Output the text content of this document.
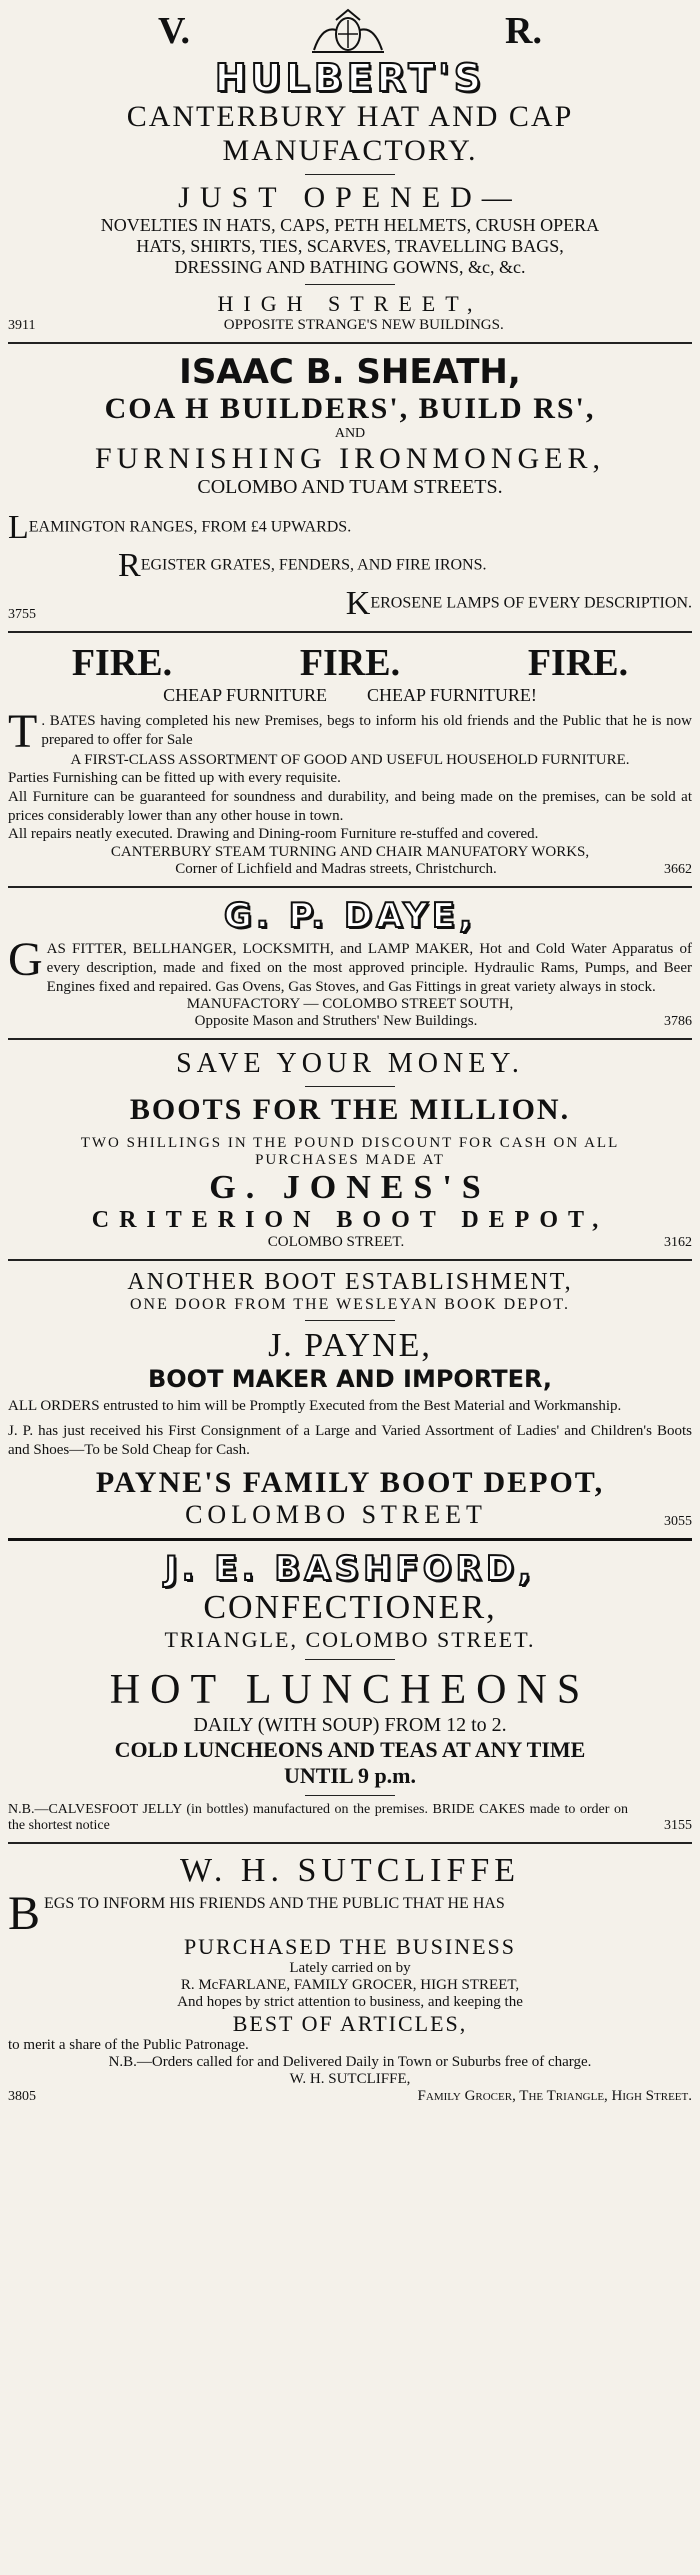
V.	R.
HULBERT'S
CANTERBURY HAT AND CAP
MANUFACTORY.
JUST OPENED—
NOVELTIES IN HATS, CAPS, PETH HELMETS, CRUSH OPERA
HATS, SHIRTS, TIES, SCARVES, TRAVELLING BAGS,
DRESSING AND BATHING GOWNS, &c, &c.
HIGH STREET,
3911	OPPOSITE STRANGE'S NEW BUILDINGS.
ISAAC B. SHEATH,
COA H BUILDERS', BUILD RS',
AND
FURNISHING IRONMONGER,
COLOMBO AND TUAM STREETS.
LEAMINGTON RANGES, FROM £4 UPWARDS.
REGISTER GRATES, FENDERS, AND FIRE IRONS.
3755	KEROSENE LAMPS OF EVERY DESCRIPTION.
FIRE.	FIRE.	FIRE.
CHEAP FURNITURE CHEAP FURNITURE!
T . BATES having completed his new Premises, begs to inform his old friends and the Public that he is now prepared to offer for Sale

A FIRST-CLASS ASSORTMENT OF GOOD AND USEFUL HOUSEHOLD FURNITURE.
Parties Furnishing can be fitted up with every requisite.
All Furniture can be guaranteed for soundness and durability, and being made on the premises, can be sold at prices considerably lower than any other house in town.
All repairs neatly executed. Drawing and Dining-room Furniture re-stuffed and covered.
CANTERBURY STEAM TURNING AND CHAIR MANUFATORY WORKS,
Corner of Lichfield and Madras streets, Christchurch.	3662
G. P. DAYE,
G AS FITTER, BELLHANGER, LOCKSMITH, and LAMP MAKER, Hot and Cold Water Apparatus of every description, made and fixed on the most approved principle. Hydraulic Rams, Pumps, and Beer Engines fixed and repaired. Gas Ovens, Gas Stoves, and Gas Fittings in great variety always in stock.

MANUFACTORY — COLOMBO STREET SOUTH,
Opposite Mason and Struthers' New Buildings.	3786
SAVE YOUR MONEY.
BOOTS FOR THE MILLION.
TWO SHILLINGS IN THE POUND DISCOUNT FOR CASH ON ALL
PURCHASES MADE AT
G. JONES'S
CRITERION BOOT DEPOT,
COLOMBO STREET.	3162
ANOTHER BOOT ESTABLISHMENT,
ONE DOOR FROM THE WESLEYAN BOOK DEPOT.
J. PAYNE,
BOOT MAKER AND IMPORTER,
ALL ORDERS entrusted to him will be Promptly Executed from the Best Material and Workmanship.
J. P. has just received his First Consignment of a Large and Varied Assortment of Ladies' and Children's Boots and Shoes—To be Sold Cheap for Cash.
PAYNE'S FAMILY BOOT DEPOT,
COLOMBO STREET	3055
J. E. BASHFORD,
CONFECTIONER,
TRIANGLE, COLOMBO STREET.
HOT LUNCHEONS
DAILY (WITH SOUP) FROM 12 to 2.
COLD LUNCHEONS AND TEAS AT ANY TIME
UNTIL 9 p.m.
N.B.—CALVESFOOT JELLY (in bottles) manufactured on the premises. BRIDE CAKES made to order on the shortest notice	3155
W. H. SUTCLIFFE
B EGS TO INFORM HIS FRIENDS AND THE PUBLIC THAT HE HAS

PURCHASED THE BUSINESS
Lately carried on by
R. McFARLANE, FAMILY GROCER, HIGH STREET,
And hopes by strict attention to business, and keeping the
BEST OF ARTICLES,
to merit a share of the Public Patronage.
N.B.—Orders called for and Delivered Daily in Town or Suburbs free of charge.
W. H. SUTCLIFFE,
3805	Family Grocer, The Triangle, High Street.
